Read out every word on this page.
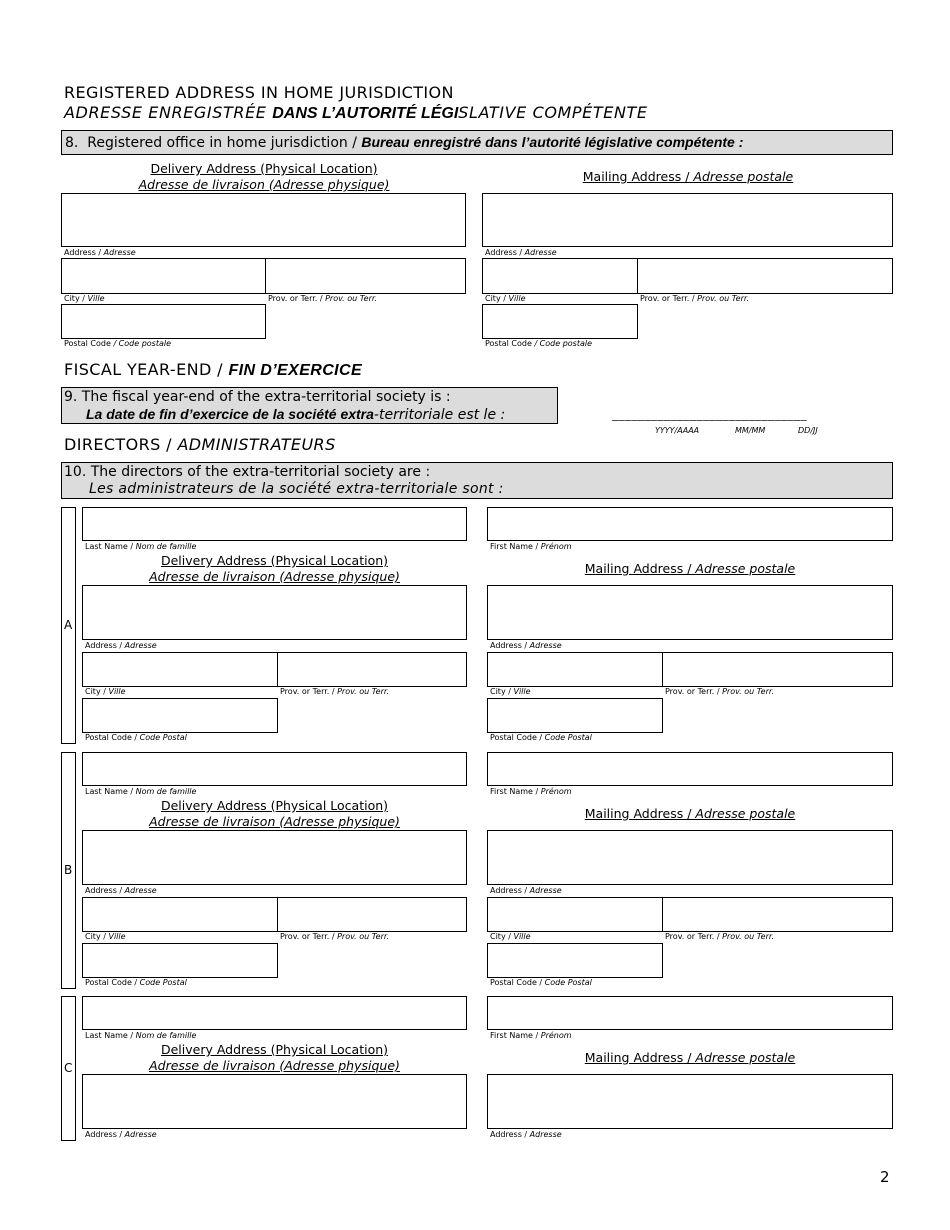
REGISTERED ADDRESS IN HOME JURISDICTION
ADRESSE ENREGISTRÉE DANS L’AUTORITÉ LÉGISLATIVE COMPÉTENTE
8. Registered office in home jurisdiction / Bureau enregistré dans l’autorité législative compétente :
Delivery Address (Physical Location)
Adresse de livraison (Adresse physique)
Mailing Address / Adresse postale
Address / Adresse
City / Ville	Prov. or Terr. / Prov. ou Terr.
Postal Code / Code postale
Address / Adresse
City / Ville	Prov. or Terr. / Prov. ou Terr.
Postal Code / Code postale
FISCAL YEAR-END / FIN D’EXERCICE
9. The fiscal year-end of the extra-territorial society is :
La date de fin d’exercice de la société extra-territoriale est le :	______________________________
YYYY/AAAA	MM/MM	DD/JJ
DIRECTORS / ADMINISTRATEURS
10. The directors of the extra-territorial society are :
Les administrateurs de la société extra-territoriale sont :
A
Last Name / Nom de famille	First Name / Prénom
Delivery Address (Physical Location)
Adresse de livraison (Adresse physique)
Mailing Address / Adresse postale
Address / Adresse
City / Ville	Prov. or Terr. / Prov. ou Terr.
Postal Code / Code Postal
Address / Adresse
City / Ville	Prov. or Terr. / Prov. ou Terr.
Postal Code / Code Postal
B
Last Name / Nom de famille	First Name / Prénom
Delivery Address (Physical Location)
Adresse de livraison (Adresse physique)
Mailing Address / Adresse postale
Address / Adresse
City / Ville	Prov. or Terr. / Prov. ou Terr.
Postal Code / Code Postal
Address / Adresse
City / Ville	Prov. or Terr. / Prov. ou Terr.
Postal Code / Code Postal
C
Last Name / Nom de famille	First Name / Prénom
Delivery Address (Physical Location)
Adresse de livraison (Adresse physique)
Mailing Address / Adresse postale
Address / Adresse	Address / Adresse
2
